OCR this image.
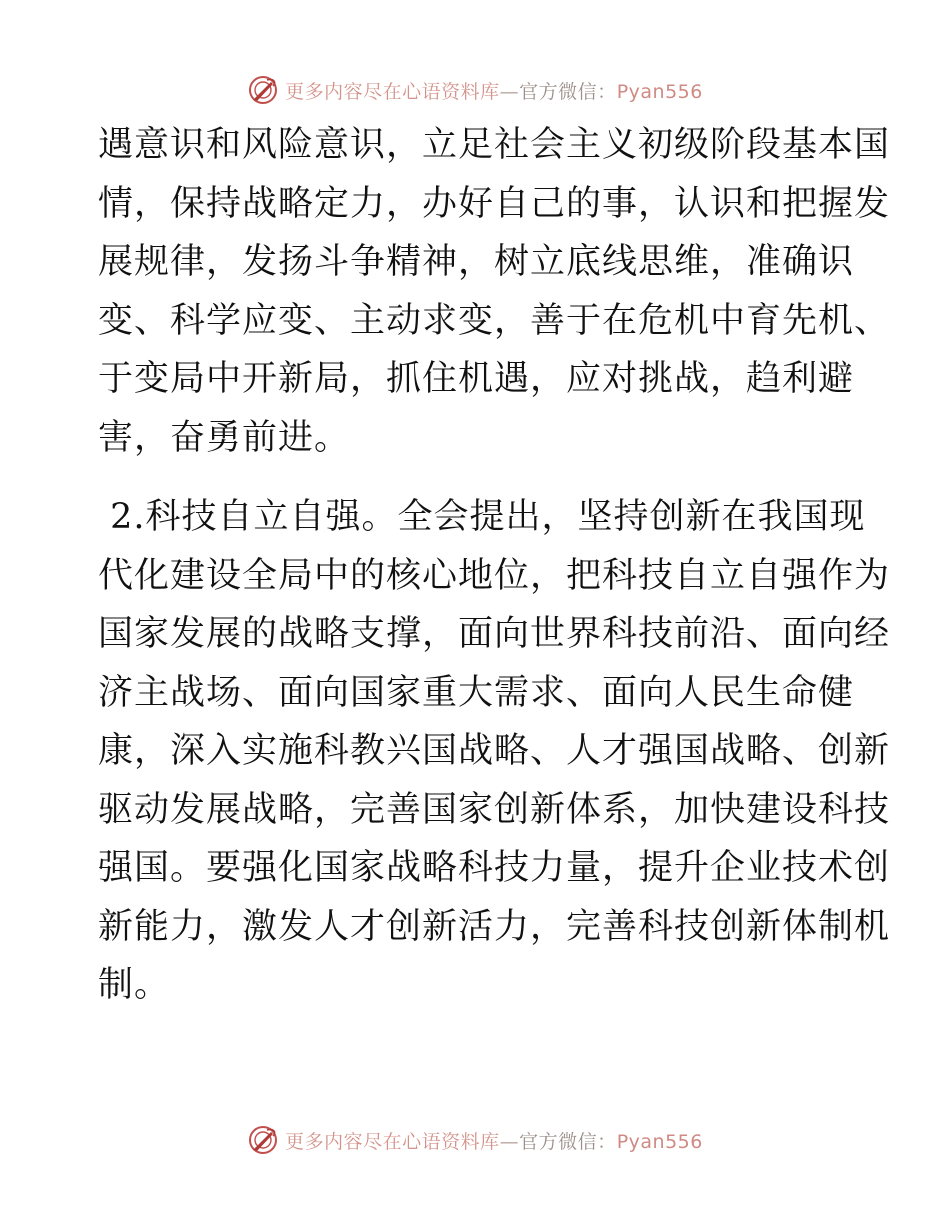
更多内容尽在心语资料库—官方微信：Pyan556

遇意识和风险意识，立足社会主义初级阶段基本国
情，保持战略定力，办好自己的事，认识和把握发
展规律，发扬斗争精神，树立底线思维，准确识
变、科学应变、主动求变，善于在危机中育先机、
于变局中开新局，抓住机遇，应对挑战，趋利避
害，奋勇前进。

2.科技自立自强。全会提出，坚持创新在我国现
代化建设全局中的核心地位，把科技自立自强作为
国家发展的战略支撑，面向世界科技前沿、面向经
济主战场、面向国家重大需求、面向人民生命健
康，深入实施科教兴国战略、人才强国战略、创新
驱动发展战略，完善国家创新体系，加快建设科技
强国。要强化国家战略科技力量，提升企业技术创
新能力，激发人才创新活力，完善科技创新体制机
制。

更多内容尽在心语资料库—官方微信：Pyan556
